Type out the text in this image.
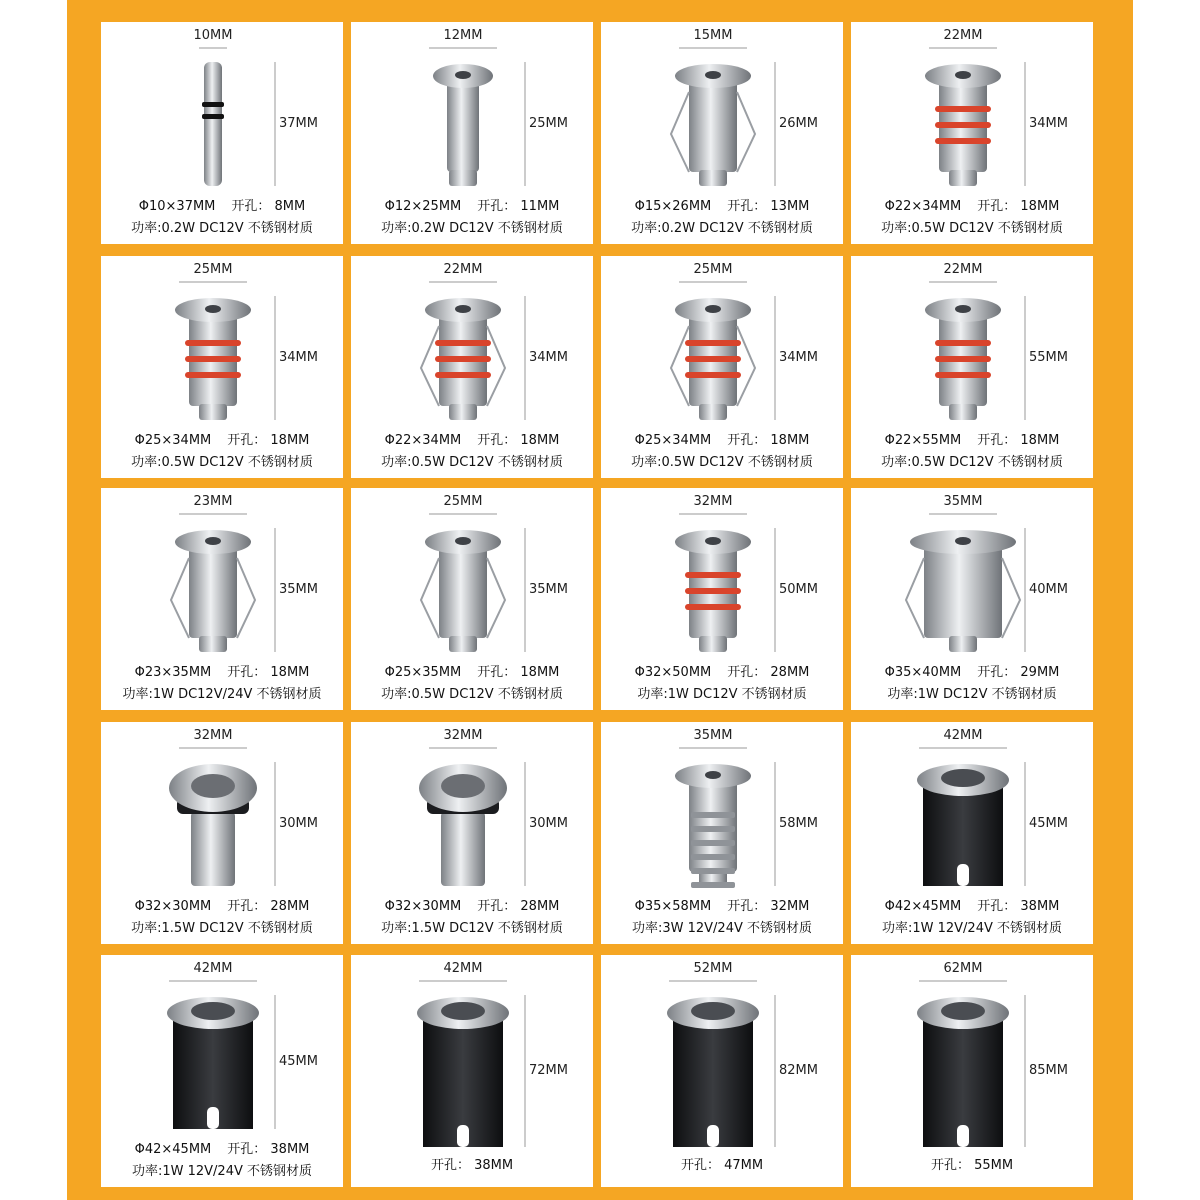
10MM
37MM
Φ10×37MM 开孔： 8MM
功率:0.2W DC12V 不锈钢材质
12MM
25MM
Φ12×25MM 开孔： 11MM
功率:0.2W DC12V 不锈钢材质
15MM
26MM
Φ15×26MM 开孔： 13MM
功率:0.2W DC12V 不锈钢材质
22MM
34MM
Φ22×34MM 开孔： 18MM
功率:0.5W DC12V 不锈钢材质
25MM
34MM
Φ25×34MM 开孔： 18MM
功率:0.5W DC12V 不锈钢材质
22MM
34MM
Φ22×34MM 开孔： 18MM
功率:0.5W DC12V 不锈钢材质
25MM
34MM
Φ25×34MM 开孔： 18MM
功率:0.5W DC12V 不锈钢材质
22MM
55MM
Φ22×55MM 开孔： 18MM
功率:0.5W DC12V 不锈钢材质
23MM
35MM
Φ23×35MM 开孔： 18MM
功率:1W DC12V/24V 不锈钢材质
25MM
35MM
Φ25×35MM 开孔： 18MM
功率:0.5W DC12V 不锈钢材质
32MM
50MM
Φ32×50MM 开孔： 28MM
功率:1W DC12V 不锈钢材质
35MM
40MM
Φ35×40MM 开孔： 29MM
功率:1W DC12V 不锈钢材质
32MM
30MM
Φ32×30MM 开孔： 28MM
功率:1.5W DC12V 不锈钢材质
32MM
30MM
Φ32×30MM 开孔： 28MM
功率:1.5W DC12V 不锈钢材质
35MM
58MM
Φ35×58MM 开孔： 32MM
功率:3W 12V/24V 不锈钢材质
42MM
45MM
Φ42×45MM 开孔： 38MM
功率:1W 12V/24V 不锈钢材质
42MM
45MM
Φ42×45MM 开孔： 38MM
功率:1W 12V/24V 不锈钢材质
42MM
72MM
开孔： 38MM
52MM
82MM
开孔： 47MM
62MM
85MM
开孔： 55MM
